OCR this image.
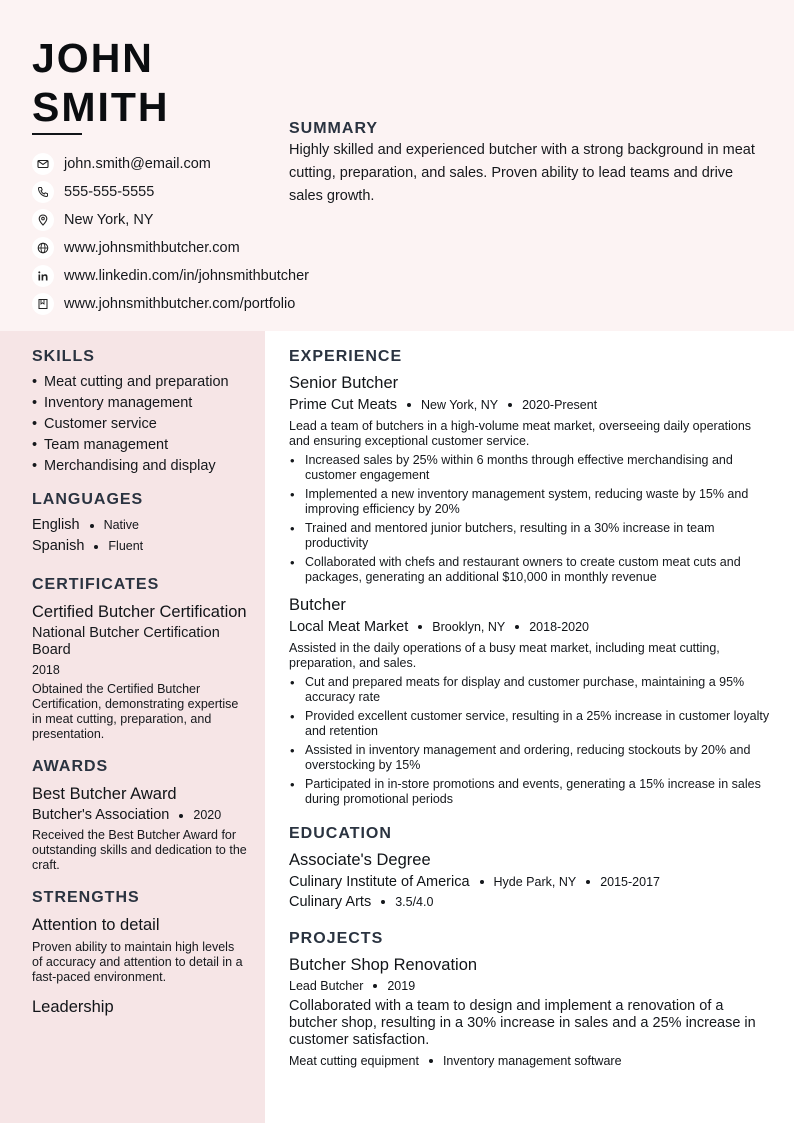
JOHN
SMITH
john.smith@email.com
555-555-5555
New York, NY
www.johnsmithbutcher.com
www.linkedin.com/in/johnsmithbutcher
www.johnsmithbutcher.com/portfolio
SUMMARY
Highly skilled and experienced butcher with a strong background in meat cutting, preparation, and sales. Proven ability to lead teams and drive sales growth.
SKILLS
• Meat cutting and preparation
• Inventory management
• Customer service
• Team management
• Merchandising and display
LANGUAGES
English Native
Spanish Fluent
CERTIFICATES
Certified Butcher Certification
National Butcher Certification Board
2018
Obtained the Certified Butcher Certification, demonstrating expertise in meat cutting, preparation, and presentation.
AWARDS
Best Butcher Award
Butcher's Association 2020
Received the Best Butcher Award for outstanding skills and dedication to the craft.
STRENGTHS
Attention to detail
Proven ability to maintain high levels of accuracy and attention to detail in a fast-paced environment.
Leadership
EXPERIENCE
Senior Butcher
Prime Cut Meats New York, NY 2020-Present
Lead a team of butchers in a high-volume meat market, overseeing daily operations and ensuring exceptional customer service.
• Increased sales by 25% within 6 months through effective merchandising and customer engagement
• Implemented a new inventory management system, reducing waste by 15% and improving efficiency by 20%
• Trained and mentored junior butchers, resulting in a 30% increase in team productivity
• Collaborated with chefs and restaurant owners to create custom meat cuts and packages, generating an additional $10,000 in monthly revenue
Butcher
Local Meat Market Brooklyn, NY 2018-2020
Assisted in the daily operations of a busy meat market, including meat cutting, preparation, and sales.
• Cut and prepared meats for display and customer purchase, maintaining a 95% accuracy rate
• Provided excellent customer service, resulting in a 25% increase in customer loyalty and retention
• Assisted in inventory management and ordering, reducing stockouts by 20% and overstocking by 15%
• Participated in in-store promotions and events, generating a 15% increase in sales during promotional periods
EDUCATION
Associate's Degree
Culinary Institute of America Hyde Park, NY 2015-2017
Culinary Arts 3.5/4.0
PROJECTS
Butcher Shop Renovation
Lead Butcher 2019
Collaborated with a team to design and implement a renovation of a butcher shop, resulting in a 30% increase in sales and a 25% increase in customer satisfaction.
Meat cutting equipment Inventory management software
